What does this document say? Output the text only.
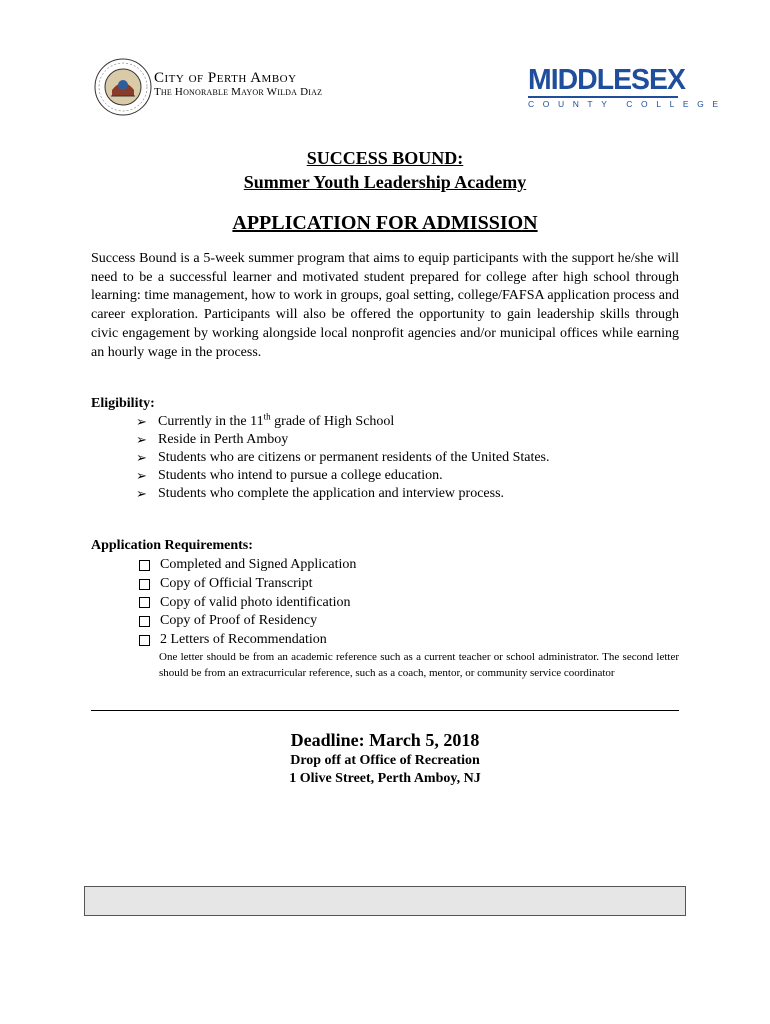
City of Perth Amboy
The Honorable Mayor Wilda Diaz	MIDDLESEX
COUNTY COLLEGE
SUCCESS BOUND:
Summer Youth Leadership Academy
APPLICATION FOR ADMISSION
Success Bound is a 5-week summer program that aims to equip participants with the support he/she will need to be a successful learner and motivated student prepared for college after high school through learning: time management, how to work in groups, goal setting, college/FAFSA application process and career exploration. Participants will also be offered the opportunity to gain leadership skills through civic engagement by working alongside local nonprofit agencies and/or municipal offices while earning an hourly wage in the process.
Eligibility:
➢ Currently in the 11th grade of High School
➢ Reside in Perth Amboy
➢ Students who are citizens or permanent residents of the United States.
➢ Students who intend to pursue a college education.
➢ Students who complete the application and interview process.
Application Requirements:
Completed and Signed Application
Copy of Official Transcript
Copy of valid photo identification
Copy of Proof of Residency
2 Letters of Recommendation
One letter should be from an academic reference such as a current teacher or school administrator. The second letter should be from an extracurricular reference, such as a coach, mentor, or community service coordinator
Deadline: March 5, 2018
Drop off at Office of Recreation
1 Olive Street, Perth Amboy, NJ
